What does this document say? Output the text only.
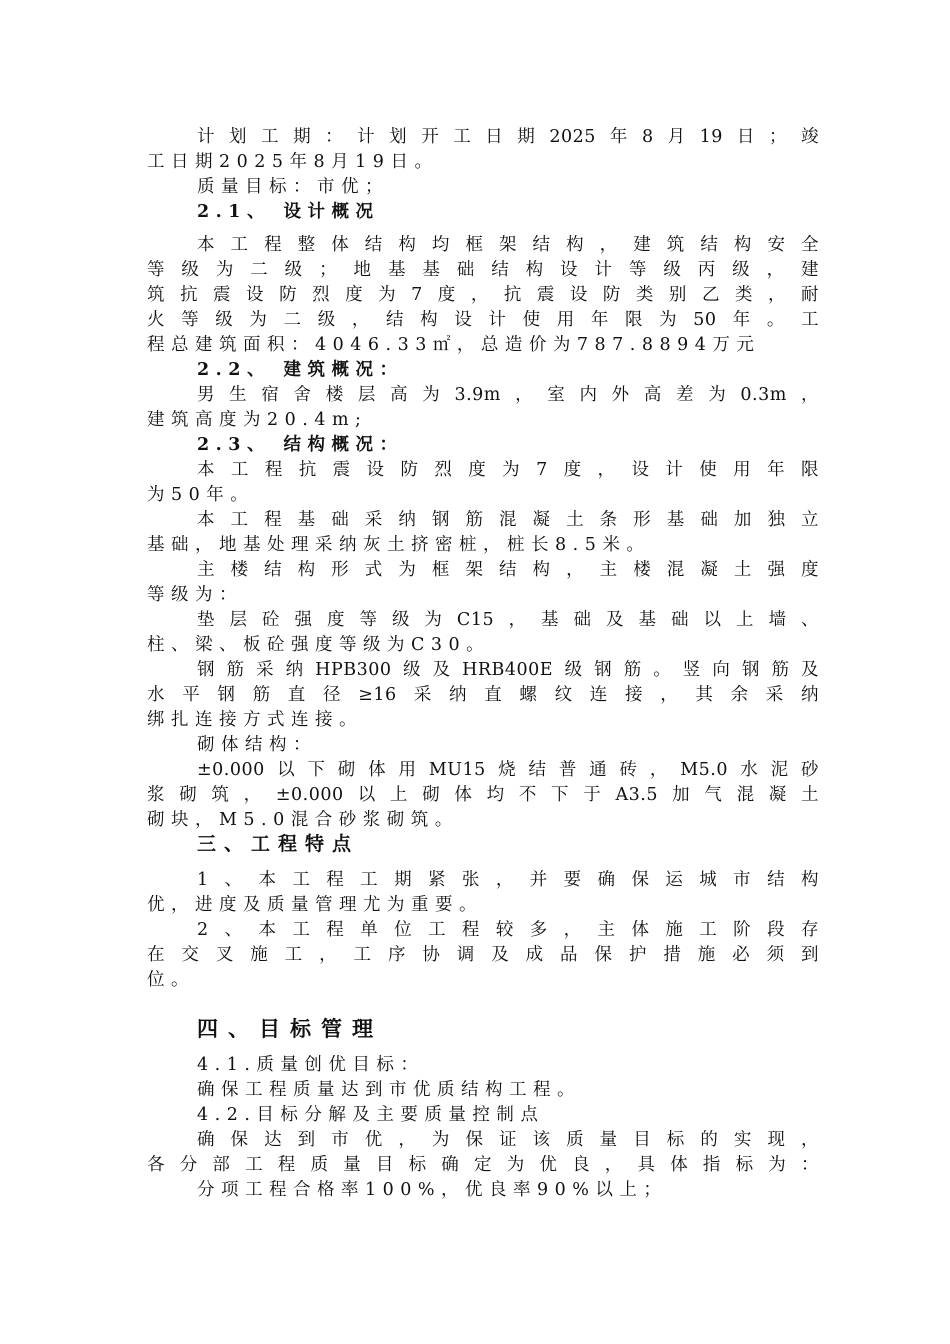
计划工期：计划开工日期2025年8月19日；竣
工日期2025年8月19日。
质量目标：市优；
2.1、 设计概况
本工程整体结构均框架结构，建筑结构安全
等级为二级；地基基础结构设计等级丙级，建
筑抗震设防烈度为7度，抗震设防类别乙类，耐
火等级为二级，结构设计使用年限为50年。工
程总建筑面积：4046.33㎡，总造价为787.8894万元
2.2、 建筑概况：
男生宿舍楼层高为3.9m，室内外高差为0.3m，
建筑高度为20.4m;
2.3、 结构概况：
本工程抗震设防烈度为7度，设计使用年限
为50年。
本工程基础采纳钢筋混凝土条形基础加独立
基础，地基处理采纳灰土挤密桩，桩长8.5米。
主楼结构形式为框架结构，主楼混凝土强度
等级为：
垫层砼强度等级为C15，基础及基础以上墙、
柱、梁、板砼强度等级为C30。
钢筋采纳HPB300级及HRB400E级钢筋。竖向钢筋及
水平钢筋直径≥16采纳直螺纹连接，其余采纳
绑扎连接方式连接。
砌体结构：
±0.000以下砌体用MU15烧结普通砖，M5.0水泥砂
浆砌筑，±0.000以上砌体均不下于A3.5加气混凝土
砌块，M5.0混合砂浆砌筑。
三、工程特点
1、本工程工期紧张，并要确保运城市结构
优，进度及质量管理尤为重要。
2、本工程单位工程较多，主体施工阶段存
在交叉施工，工序协调及成品保护措施必须到
位。
四、目标管理
4.1.质量创优目标：
确保工程质量达到市优质结构工程。
4.2.目标分解及主要质量控制点
确保达到市优，为保证该质量目标的实现，
各分部工程质量目标确定为优良，具体指标为：
分项工程合格率100%，优良率90%以上；
